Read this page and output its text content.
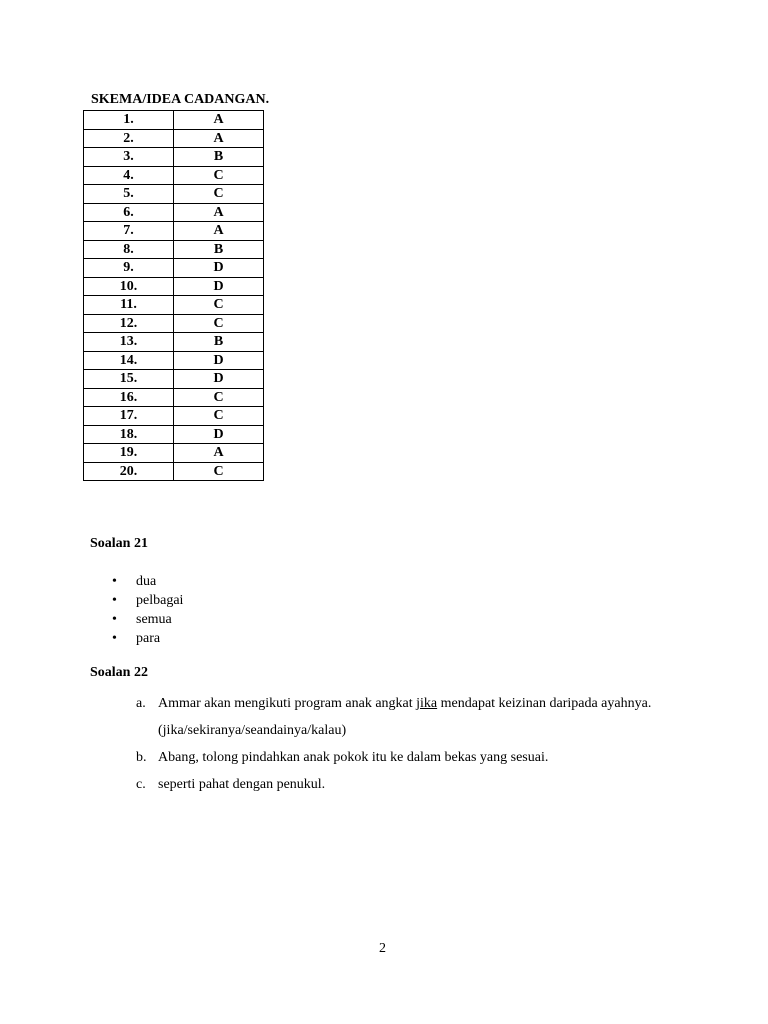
SKEMA/IDEA CADANGAN.
1.	A
2.	A
3.	B
4.	C
5.	C
6.	A
7.	A
8.	B
9.	D
10.	D
11.	C
12.	C
13.	B
14.	D
15.	D
16.	C
17.	C
18.	D
19.	A
20.	C
Soalan 21
• dua
• pelbagai
• semua
• para
Soalan 22
a. Ammar akan mengikuti program anak angkat jika mendapat keizinan daripada ayahnya. (jika/sekiranya/seandainya/kalau)
b. Abang, tolong pindahkan anak pokok itu ke dalam bekas yang sesuai.
c. seperti pahat dengan penukul.
2
